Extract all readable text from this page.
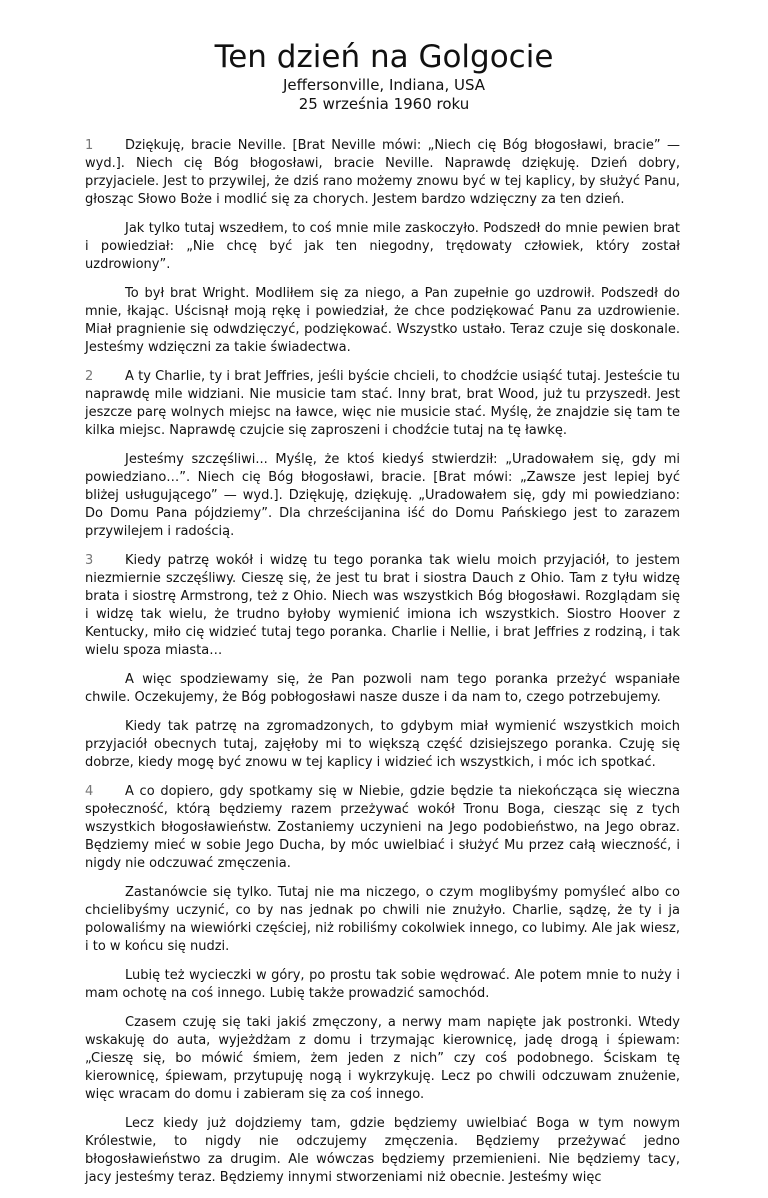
Ten dzień na Golgocie
Jeffersonville, Indiana, USA
25 września 1960 roku

1 Dziękuję, bracie Neville. [Brat Neville mówi: „Niech cię Bóg błogosławi, bracie” — wyd.]. Niech cię Bóg błogosławi, bracie Neville. Naprawdę dziękuję. Dzień dobry, przyjaciele. Jest to przywilej, że dziś rano możemy znowu być w tej kaplicy, by służyć Panu, głosząc Słowo Boże i modlić się za chorych. Jestem bardzo wdzięczny za ten dzień.

Jak tylko tutaj wszedłem, to coś mnie mile zaskoczyło. Podszedł do mnie pewien brat i powiedział: „Nie chcę być jak ten niegodny, trędowaty człowiek, który został uzdrowiony”.

To był brat Wright. Modliłem się za niego, a Pan zupełnie go uzdrowił. Podszedł do mnie, łkając. Uścisnął moją rękę i powiedział, że chce podziękować Panu za uzdrowienie. Miał pragnienie się odwdzięczyć, podziękować. Wszystko ustało. Teraz czuje się doskonale. Jesteśmy wdzięczni za takie świadectwa.

2 A ty Charlie, ty i brat Jeffries, jeśli byście chcieli, to chodźcie usiąść tutaj. Jesteście tu naprawdę mile widziani. Nie musicie tam stać. Inny brat, brat Wood, już tu przyszedł. Jest jeszcze parę wolnych miejsc na ławce, więc nie musicie stać. Myślę, że znajdzie się tam te kilka miejsc. Naprawdę czujcie się zaproszeni i chodźcie tutaj na tę ławkę.

Jesteśmy szczęśliwi... Myślę, że ktoś kiedyś stwierdził: „Uradowałem się, gdy mi powiedziano…”. Niech cię Bóg błogosławi, bracie. [Brat mówi: „Zawsze jest lepiej być bliżej usługującego” — wyd.]. Dziękuję, dziękuję. „Uradowałem się, gdy mi powiedziano: Do Domu Pana pójdziemy”. Dla chrześcijanina iść do Domu Pańskiego jest to zarazem przywilejem i radością.

3 Kiedy patrzę wokół i widzę tu tego poranka tak wielu moich przyjaciół, to jestem niezmiernie szczęśliwy. Cieszę się, że jest tu brat i siostra Dauch z Ohio. Tam z tyłu widzę brata i siostrę Armstrong, też z Ohio. Niech was wszystkich Bóg błogosławi. Rozglądam się i widzę tak wielu, że trudno byłoby wymienić imiona ich wszystkich. Siostro Hoover z Kentucky, miło cię widzieć tutaj tego poranka. Charlie i Nellie, i brat Jeffries z rodziną, i tak wielu spoza miasta…

A więc spodziewamy się, że Pan pozwoli nam tego poranka przeżyć wspaniałe chwile. Oczekujemy, że Bóg pobłogosławi nasze dusze i da nam to, czego potrzebujemy.

Kiedy tak patrzę na zgromadzonych, to gdybym miał wymienić wszystkich moich przyjaciół obecnych tutaj, zajęłoby mi to większą część dzisiejszego poranka. Czuję się dobrze, kiedy mogę być znowu w tej kaplicy i widzieć ich wszystkich, i móc ich spotkać.

4 A co dopiero, gdy spotkamy się w Niebie, gdzie będzie ta niekończąca się wieczna społeczność, którą będziemy razem przeżywać wokół Tronu Boga, ciesząc się z tych wszystkich błogosławieństw. Zostaniemy uczynieni na Jego podobieństwo, na Jego obraz. Będziemy mieć w sobie Jego Ducha, by móc uwielbiać i służyć Mu przez całą wieczność, i nigdy nie odczuwać zmęczenia.

Zastanówcie się tylko. Tutaj nie ma niczego, o czym moglibyśmy pomyśleć albo co chcielibyśmy uczynić, co by nas jednak po chwili nie znużyło. Charlie, sądzę, że ty i ja polowaliśmy na wiewiórki częściej, niż robiliśmy cokolwiek innego, co lubimy. Ale jak wiesz, i to w końcu się nudzi.

Lubię też wycieczki w góry, po prostu tak sobie wędrować. Ale potem mnie to nuży i mam ochotę na coś innego. Lubię także prowadzić samochód.

Czasem czuję się taki jakiś zmęczony, a nerwy mam napięte jak postronki. Wtedy wskakuję do auta, wyjeżdżam z domu i trzymając kierownicę, jadę drogą i śpiewam: „Cieszę się, bo mówić śmiem, żem jeden z nich” czy coś podobnego. Ściskam tę kierownicę, śpiewam, przytupuję nogą i wykrzykuję. Lecz po chwili odczuwam znużenie, więc wracam do domu i zabieram się za coś innego.

Lecz kiedy już dojdziemy tam, gdzie będziemy uwielbiać Boga w tym nowym Królestwie, to nigdy nie odczujemy zmęczenia. Będziemy przeżywać jedno błogosławieństwo za drugim. Ale wówczas będziemy przemienieni. Nie będziemy tacy, jacy jesteśmy teraz. Będziemy innymi stworzeniami niż obecnie. Jesteśmy więc
